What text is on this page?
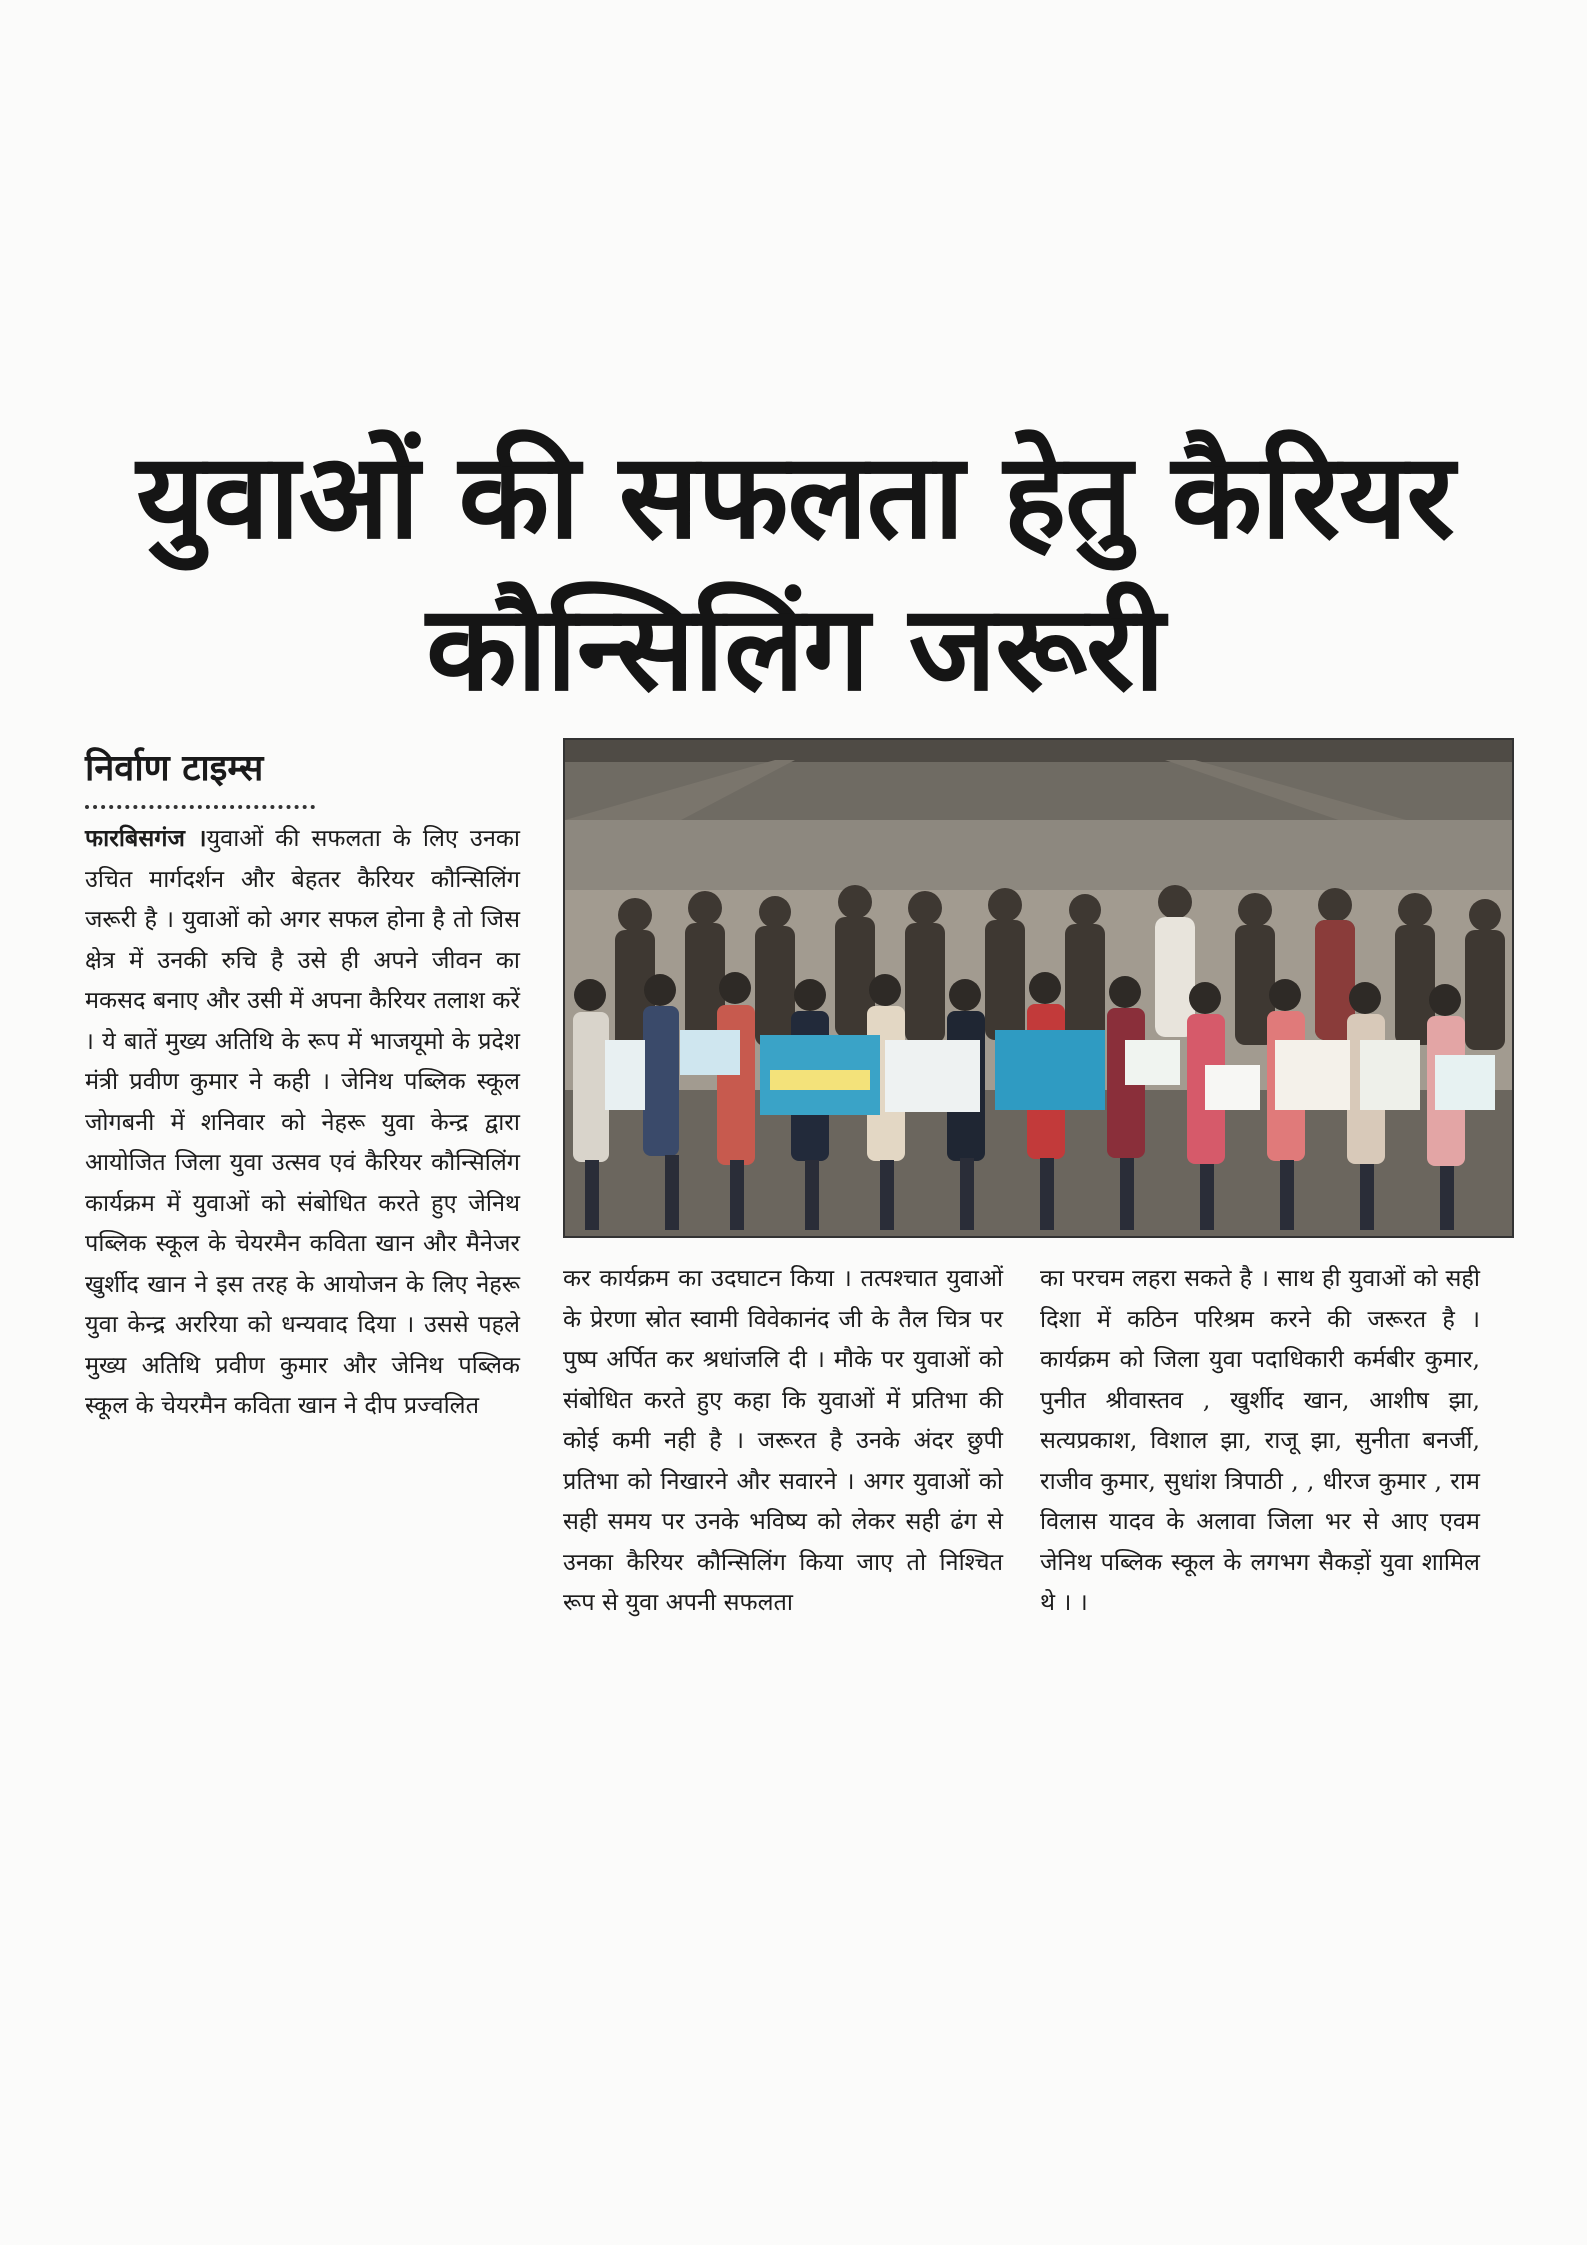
युवाओं की सफलता हेतु कैरियर
कौन्सिलिंग जरूरी
निर्वाण टाइम्स
फारबिसगंज ।युवाओं की सफलता के लिए उनका उचित मार्गदर्शन और बेहतर कैरियर कौन्सिलिंग जरूरी है । युवाओं को अगर सफल होना है तो जिस क्षेत्र में उनकी रुचि है उसे ही अपने जीवन का मकसद बनाए और उसी में अपना कैरियर तलाश करें । ये बातें मुख्य अतिथि के रूप में भाजयूमो के प्रदेश मंत्री प्रवीण कुमार ने कही । जेनिथ पब्लिक स्कूल जोगबनी में शनिवार को नेहरू युवा केन्द्र द्वारा आयोजित जिला युवा उत्सव एवं कैरियर कौन्सिलिंग कार्यक्रम में युवाओं को संबोधित करते हुए जेनिथ पब्लिक स्कूल के चेयरमैन कविता खान और मैनेजर खुर्शीद खान ने इस तरह के आयोजन के लिए नेहरू युवा केन्द्र अररिया को धन्यवाद दिया । उससे पहले मुख्य अतिथि प्रवीण कुमार और जेनिथ पब्लिक स्कूल के चेयरमैन कविता खान ने दीप प्रज्वलित
कर कार्यक्रम का उदघाटन किया । तत्पश्चात युवाओं के प्रेरणा स्रोत स्वामी विवेकानंद जी के तैल चित्र पर पुष्प अर्पित कर श्रधांजलि दी । मौके पर युवाओं को संबोधित करते हुए कहा कि युवाओं में प्रतिभा की कोई कमी नही है । जरूरत है उनके अंदर छुपी प्रतिभा को निखारने और सवारने । अगर युवाओं को सही समय पर उनके भविष्य को लेकर सही ढंग से उनका कैरियर कौन्सिलिंग किया जाए तो निश्चित रूप से युवा अपनी सफलता
का परचम लहरा सकते है । साथ ही युवाओं को सही दिशा में कठिन परिश्रम करने की जरूरत है । कार्यक्रम को जिला युवा पदाधिकारी कर्मबीर कुमार, पुनीत श्रीवास्तव , खुर्शीद खान, आशीष झा, सत्यप्रकाश, विशाल झा, राजू झा, सुनीता बनर्जी, राजीव कुमार, सुधांश त्रिपाठी , , धीरज कुमार , राम विलास यादव के अलावा जिला भर से आए एवम जेनिथ पब्लिक स्कूल के लगभग सैकड़ों युवा शामिल थे । ।
